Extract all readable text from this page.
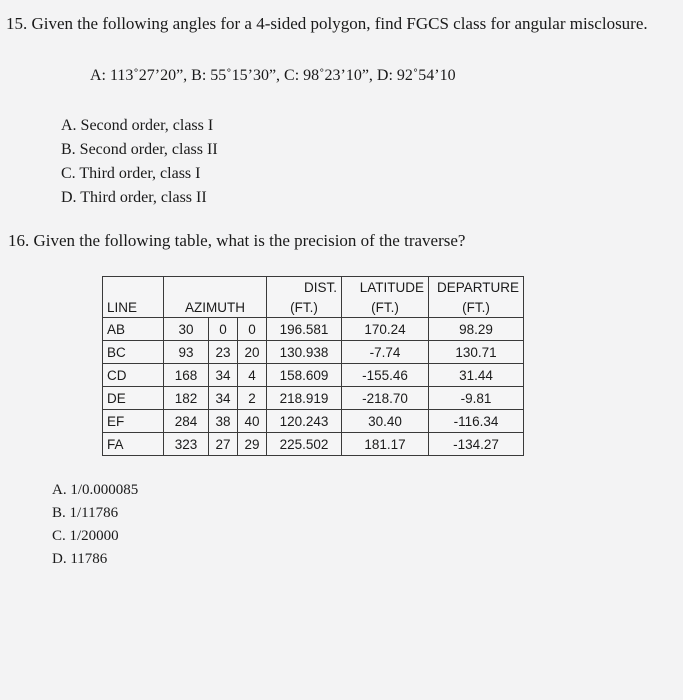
15. Given the following angles for a 4-sided polygon, find FGCS class for angular misclosure.
A: 113˚27’20”, B: 55˚15’30”, C: 98˚23’10”, D: 92˚54’10
A. Second order, class I
B. Second order, class II
C. Third order, class I
D. Third order, class II
16. Given the following table, what is the precision of the traverse?
				DIST.	LATITUDE	DEPARTURE
LINE	AZIMUTH			(FT.)	(FT.)	(FT.)
AB	30	0	0	196.581	170.24	98.29
BC	93	23	20	130.938	-7.74	130.71
CD	168	34	4	158.609	-155.46	31.44
DE	182	34	2	218.919	-218.70	-9.81
EF	284	38	40	120.243	30.40	-116.34
FA	323	27	29	225.502	181.17	-134.27
A. 1/0.000085
B. 1/11786
C. 1/20000
D. 11786
